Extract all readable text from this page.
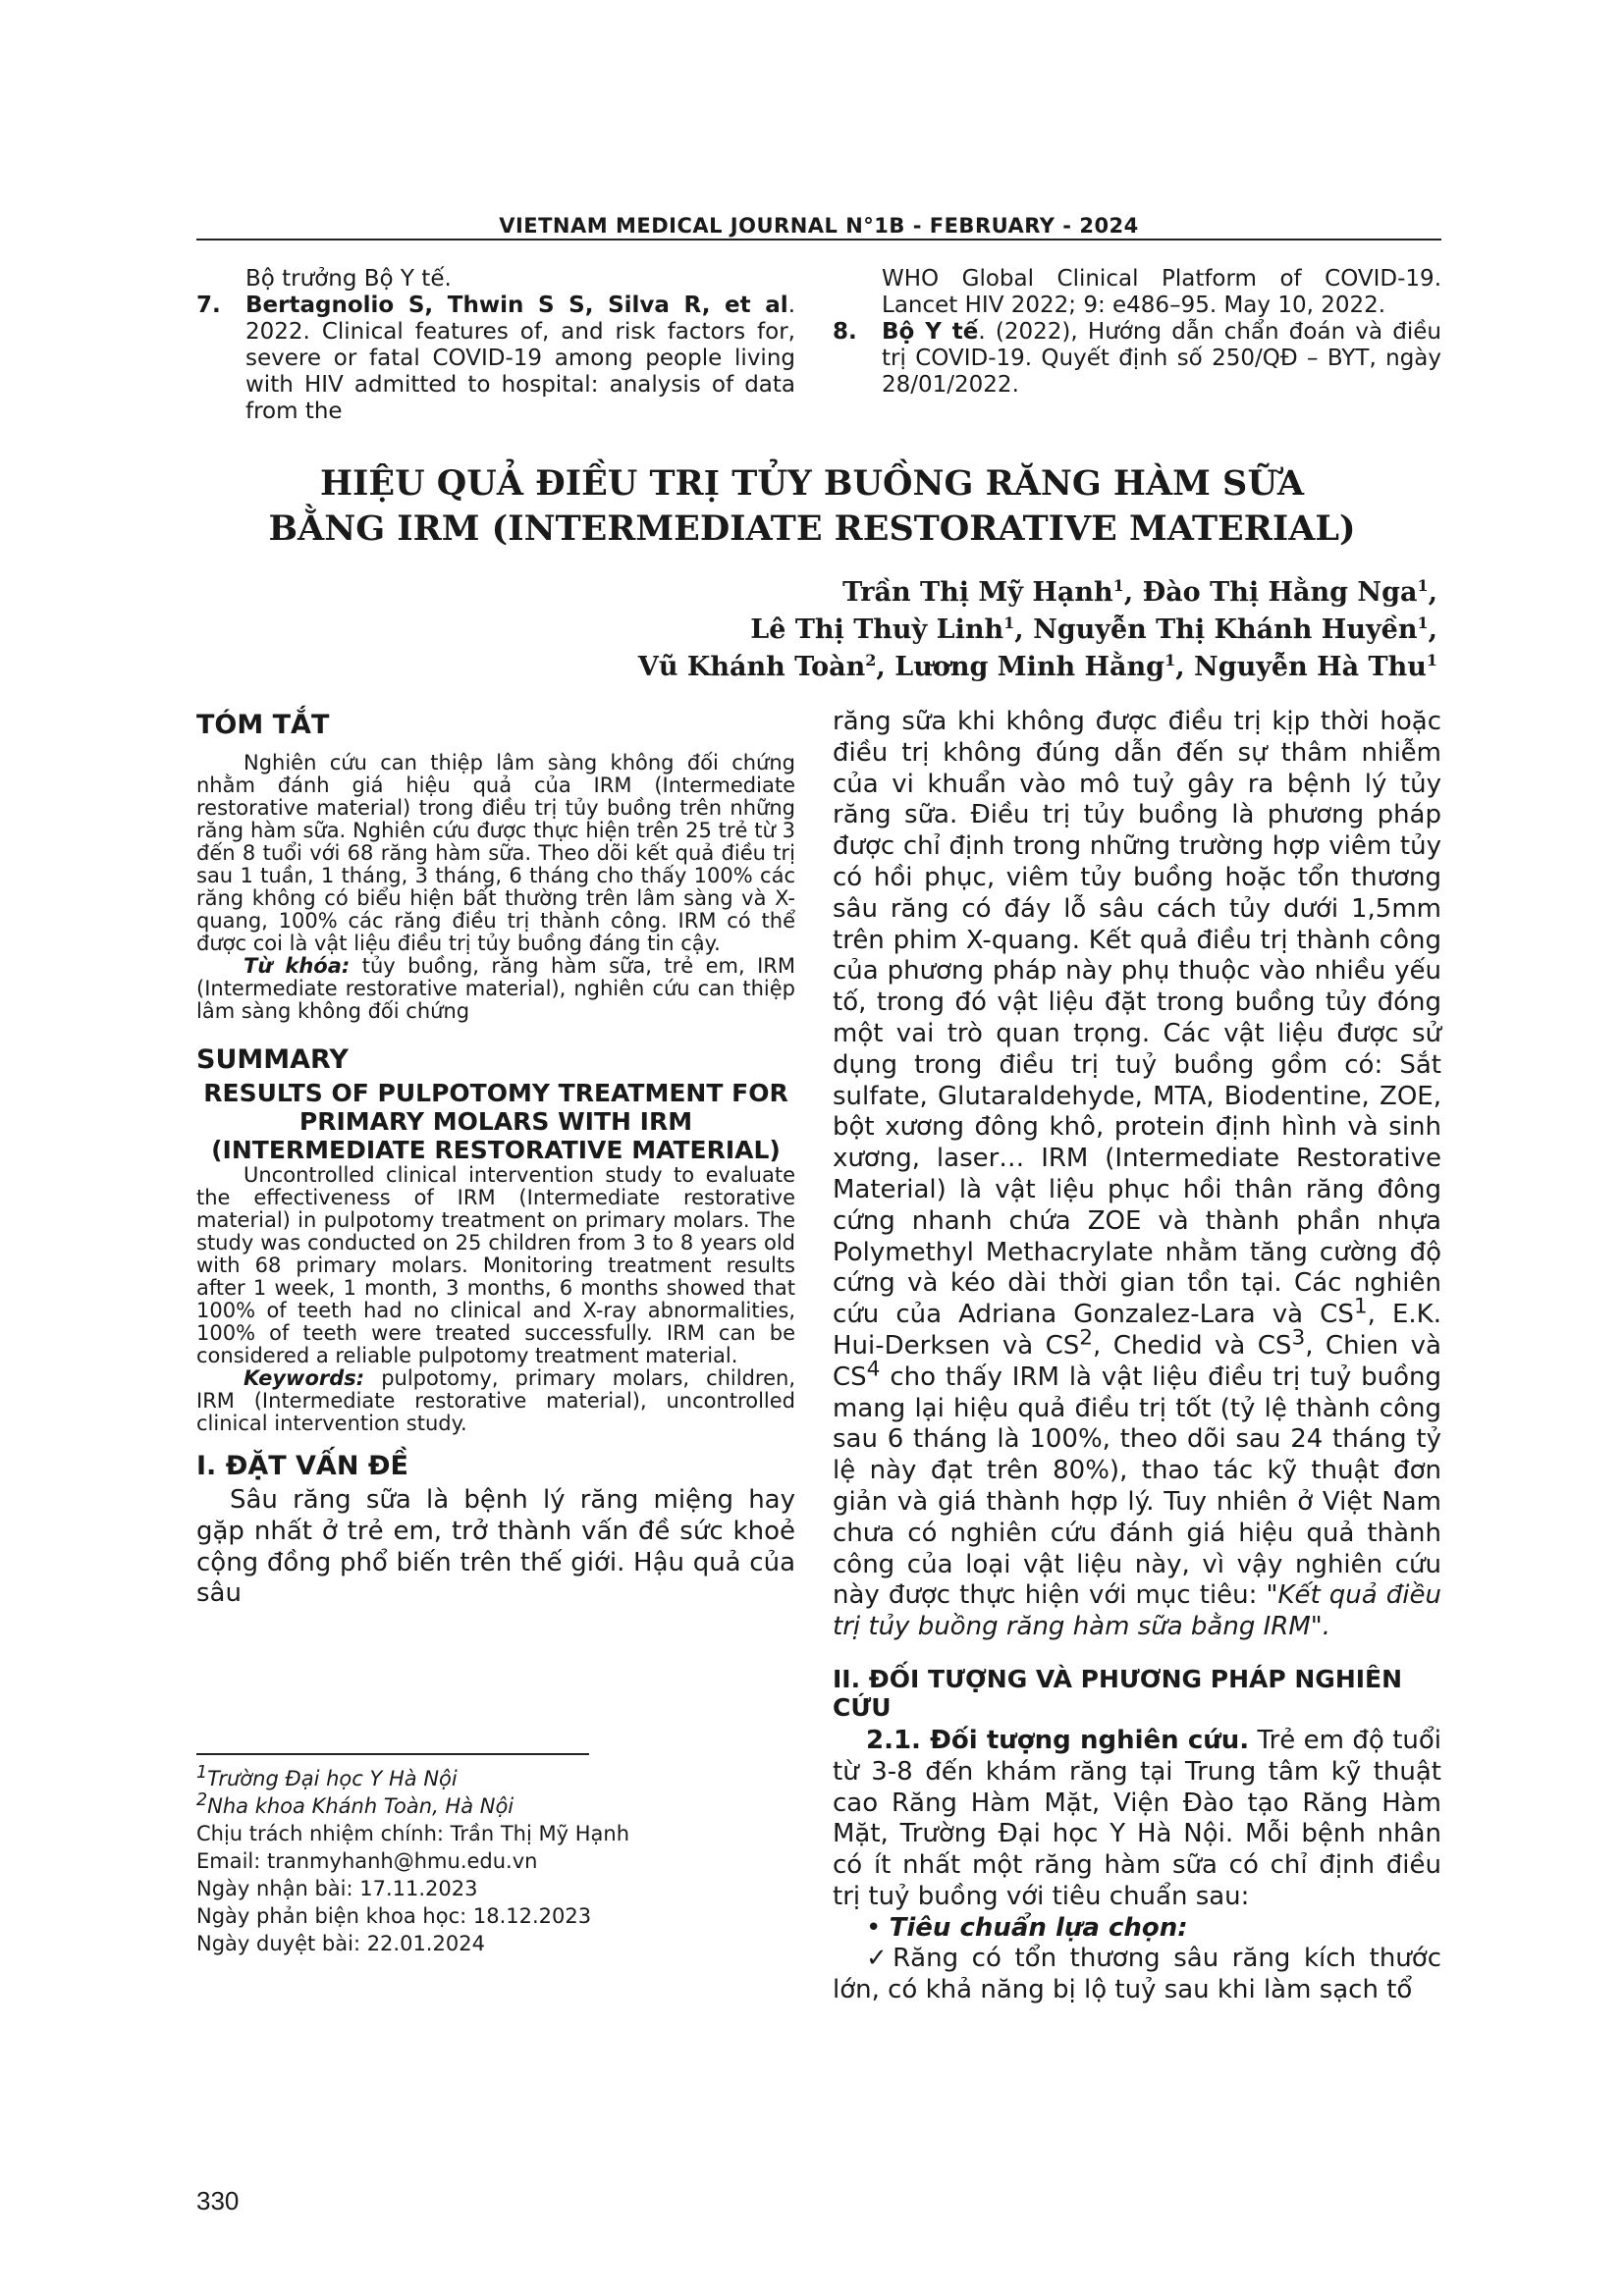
VIETNAM MEDICAL JOURNAL N°1B - FEBRUARY - 2024

Bộ trưởng Bộ Y tế.

7.	Bertagnolio S, Thwin S S, Silva R, et al. 2022. Clinical features of, and risk factors for, severe or fatal COVID-19 among people living with HIV admitted to hospital: analysis of data from the

WHO Global Clinical Platform of COVID-19. Lancet HIV 2022; 9: e486–95. May 10, 2022.

8.	Bộ Y tế. (2022), Hướng dẫn chẩn đoán và điều trị COVID-19. Quyết định số 250/QĐ – BYT, ngày 28/01/2022.
HIỆU QUẢ ĐIỀU TRỊ TỦY BUỒNG RĂNG HÀM SỮA
BẰNG IRM (INTERMEDIATE RESTORATIVE MATERIAL)
Trần Thị Mỹ Hạnh$^1$, Đào Thị Hằng Nga$^1$,
Lê Thị Thuỳ Linh$^1$, Nguyễn Thị Khánh Huyền$^1$,
Vũ Khánh Toàn$^2$, Lương Minh Hằng$^1$, Nguyễn Hà Thu$^1$
TÓM TẮT

Nghiên cứu can thiệp lâm sàng không đối chứng nhằm đánh giá hiệu quả của IRM (Intermediate restorative material) trong điều trị tủy buồng trên những răng hàm sữa. Nghiên cứu được thực hiện trên 25 trẻ từ 3 đến 8 tuổi với 68 răng hàm sữa. Theo dõi kết quả điều trị sau 1 tuần, 1 tháng, 3 tháng, 6 tháng cho thấy 100% các răng không có biểu hiện bất thường trên lâm sàng và X-quang, 100% các răng điều trị thành công. IRM có thể được coi là vật liệu điều trị tủy buồng đáng tin cậy.

Từ khóa: tủy buồng, răng hàm sữa, trẻ em, IRM (Intermediate restorative material), nghiên cứu can thiệp lâm sàng không đối chứng

SUMMARY
RESULTS OF PULPOTOMY TREATMENT FOR
PRIMARY MOLARS WITH IRM
(INTERMEDIATE RESTORATIVE MATERIAL)

Uncontrolled clinical intervention study to evaluate the effectiveness of IRM (Intermediate restorative material) in pulpotomy treatment on primary molars. The study was conducted on 25 children from 3 to 8 years old with 68 primary molars. Monitoring treatment results after 1 week, 1 month, 3 months, 6 months showed that 100% of teeth had no clinical and X-ray abnormalities, 100% of teeth were treated successfully. IRM can be considered a reliable pulpotomy treatment material.

Keywords: pulpotomy, primary molars, children, IRM (Intermediate restorative material), uncontrolled clinical intervention study.

I. ĐẶT VẤN ĐỀ

Sâu răng sữa là bệnh lý răng miệng hay gặp nhất ở trẻ em, trở thành vấn đề sức khoẻ cộng đồng phổ biến trên thế giới. Hậu quả của sâu

$^1$Trường Đại học Y Hà Nội

$^2$Nha khoa Khánh Toàn, Hà Nội

Chịu trách nhiệm chính: Trần Thị Mỹ Hạnh

Email: tranmyhanh@hmu.edu.vn

Ngày nhận bài: 17.11.2023

Ngày phản biện khoa học: 18.12.2023

Ngày duyệt bài: 22.01.2024

răng sữa khi không được điều trị kịp thời hoặc điều trị không đúng dẫn đến sự thâm nhiễm của vi khuẩn vào mô tuỷ gây ra bệnh lý tủy răng sữa. Điều trị tủy buồng là phương pháp được chỉ định trong những trường hợp viêm tủy có hồi phục, viêm tủy buồng hoặc tổn thương sâu răng có đáy lỗ sâu cách tủy dưới 1,5mm trên phim X-quang. Kết quả điều trị thành công của phương pháp này phụ thuộc vào nhiều yếu tố, trong đó vật liệu đặt trong buồng tủy đóng một vai trò quan trọng. Các vật liệu được sử dụng trong điều trị tuỷ buồng gồm có: Sắt sulfate, Glutaraldehyde, MTA, Biodentine, ZOE, bột xương đông khô, protein định hình và sinh xương, laser… IRM (Intermediate Restorative Material) là vật liệu phục hồi thân răng đông cứng nhanh chứa ZOE và thành phần nhựa Polymethyl Methacrylate nhằm tăng cường độ cứng và kéo dài thời gian tồn tại. Các nghiên cứu của Adriana Gonzalez-Lara và $CS^1$, E.K. Hui-Derksen và $CS^2$, Chedid và $CS^3$, Chien và $CS^4$ cho thấy IRM là vật liệu điều trị tuỷ buồng mang lại hiệu quả điều trị tốt (tỷ lệ thành công sau 6 tháng là 100%, theo dõi sau 24 tháng tỷ lệ này đạt trên 80%), thao tác kỹ thuật đơn giản và giá thành hợp lý. Tuy nhiên ở Việt Nam chưa có nghiên cứu đánh giá hiệu quả thành công của loại vật liệu này, vì vậy nghiên cứu này được thực hiện với mục tiêu: "Kết quả điều trị tủy buồng răng hàm sữa bằng IRM".

II. ĐỐI TƯỢNG VÀ PHƯƠNG PHÁP NGHIÊN CỨU

2.1. Đối tượng nghiên cứu. Trẻ em độ tuổi từ 3-8 đến khám răng tại Trung tâm kỹ thuật cao Răng Hàm Mặt, Viện Đào tạo Răng Hàm Mặt, Trường Đại học Y Hà Nội. Mỗi bệnh nhân có ít nhất một răng hàm sữa có chỉ định điều trị tuỷ buồng với tiêu chuẩn sau:

• Tiêu chuẩn lựa chọn:

✓Răng có tổn thương sâu răng kích thước lớn, có khả năng bị lộ tuỷ sau khi làm sạch tổ

330
